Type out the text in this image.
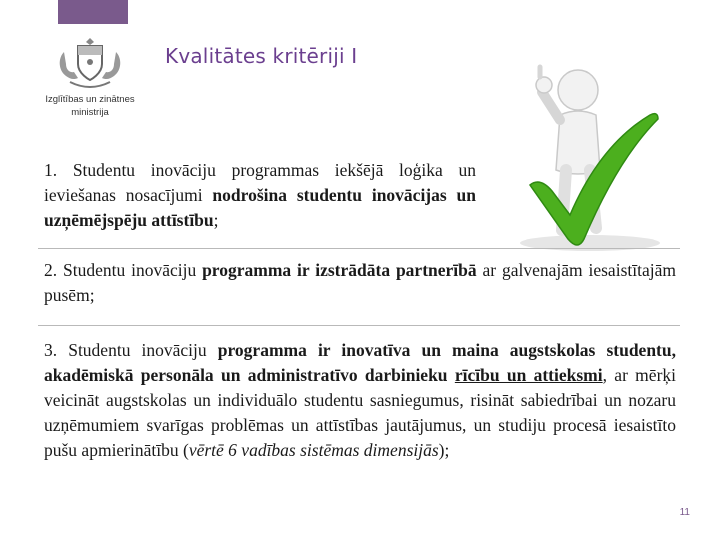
Izglītības un zinātnes
ministrija
Kvalitātes kritēriji I
1. Studentu inovāciju programmas iekšējā loģika un ieviešanas nosacījumi nodrošina studentu inovācijas un uzņēmējspēju attīstību;
2. Studentu inovāciju programma ir izstrādāta partnerībā ar galvenajām iesaistītajām pusēm;
3. Studentu inovāciju programma ir inovatīva un maina augstskolas studentu, akadēmiskā personāla un administratīvo darbinieku rīcību un attieksmi, ar mērķi veicināt augstskolas un individuālo studentu sasniegumus, risināt sabiedrībai un nozaru uzņēmumiem svarīgas problēmas un attīstības jautājumus, un studiju procesā iesaistīto pušu apmierinātību (vērtē 6 vadības sistēmas dimensijās);
11
